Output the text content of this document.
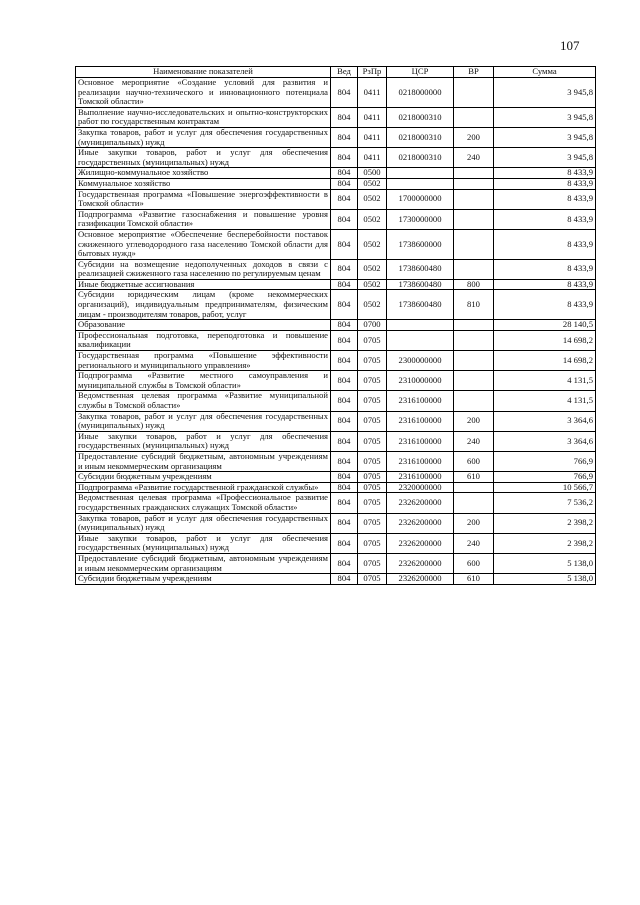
107
Наименование показателей	Вед	РзПр	ЦСР	ВР	Сумма
Основное мероприятие «Создание условий для развития и реализации научно-технического и инновационного потенциала Томской области»	804	0411	0218000000		3 945,8
Выполнение научно-исследовательских и опытно-конструкторских работ по государственным контрактам	804	0411	0218000310		3 945,8
Закупка товаров, работ и услуг для обеспечения государственных (муниципальных) нужд	804	0411	0218000310	200	3 945,8
Иные закупки товаров, работ и услуг для обеспечения государственных (муниципальных) нужд	804	0411	0218000310	240	3 945,8
Жилищно-коммунальное хозяйство	804	0500			8 433,9
Коммунальное хозяйство	804	0502			8 433,9
Государственная программа «Повышение энергоэффективности в Томской области»	804	0502	1700000000		8 433,9
Подпрограмма «Развитие газоснабжения и повышение уровня газификации Томской области»	804	0502	1730000000		8 433,9
Основное мероприятие «Обеспечение бесперебойности поставок сжиженного углеводородного газа населению Томской области для бытовых нужд»	804	0502	1738600000		8 433,9
Субсидии на возмещение недополученных доходов в связи с реализацией сжиженного газа населению по регулируемым ценам	804	0502	1738600480		8 433,9
Иные бюджетные ассигнования	804	0502	1738600480	800	8 433,9
Субсидии юридическим лицам (кроме некоммерческих организаций), индивидуальным предпринимателям, физическим лицам - производителям товаров, работ, услуг	804	0502	1738600480	810	8 433,9
Образование	804	0700			28 140,5
Профессиональная подготовка, переподготовка и повышение квалификации	804	0705			14 698,2
Государственная программа «Повышение эффективности регионального и муниципального управления»	804	0705	2300000000		14 698,2
Подпрограмма «Развитие местного самоуправления и муниципальной службы в Томской области»	804	0705	2310000000		4 131,5
Ведомственная целевая программа «Развитие муниципальной службы в Томской области»	804	0705	2316100000		4 131,5
Закупка товаров, работ и услуг для обеспечения государственных (муниципальных) нужд	804	0705	2316100000	200	3 364,6
Иные закупки товаров, работ и услуг для обеспечения государственных (муниципальных) нужд	804	0705	2316100000	240	3 364,6
Предоставление субсидий бюджетным, автономным учреждениям и иным некоммерческим организациям	804	0705	2316100000	600	766,9
Субсидии бюджетным учреждениям	804	0705	2316100000	610	766,9
Подпрограмма «Развитие государственной гражданской службы»	804	0705	2320000000		10 566,7
Ведомственная целевая программа «Профессиональное развитие государственных гражданских служащих Томской области»	804	0705	2326200000		7 536,2
Закупка товаров, работ и услуг для обеспечения государственных (муниципальных) нужд	804	0705	2326200000	200	2 398,2
Иные закупки товаров, работ и услуг для обеспечения государственных (муниципальных) нужд	804	0705	2326200000	240	2 398,2
Предоставление субсидий бюджетным, автономным учреждениям и иным некоммерческим организациям	804	0705	2326200000	600	5 138,0
Субсидии бюджетным учреждениям	804	0705	2326200000	610	5 138,0
